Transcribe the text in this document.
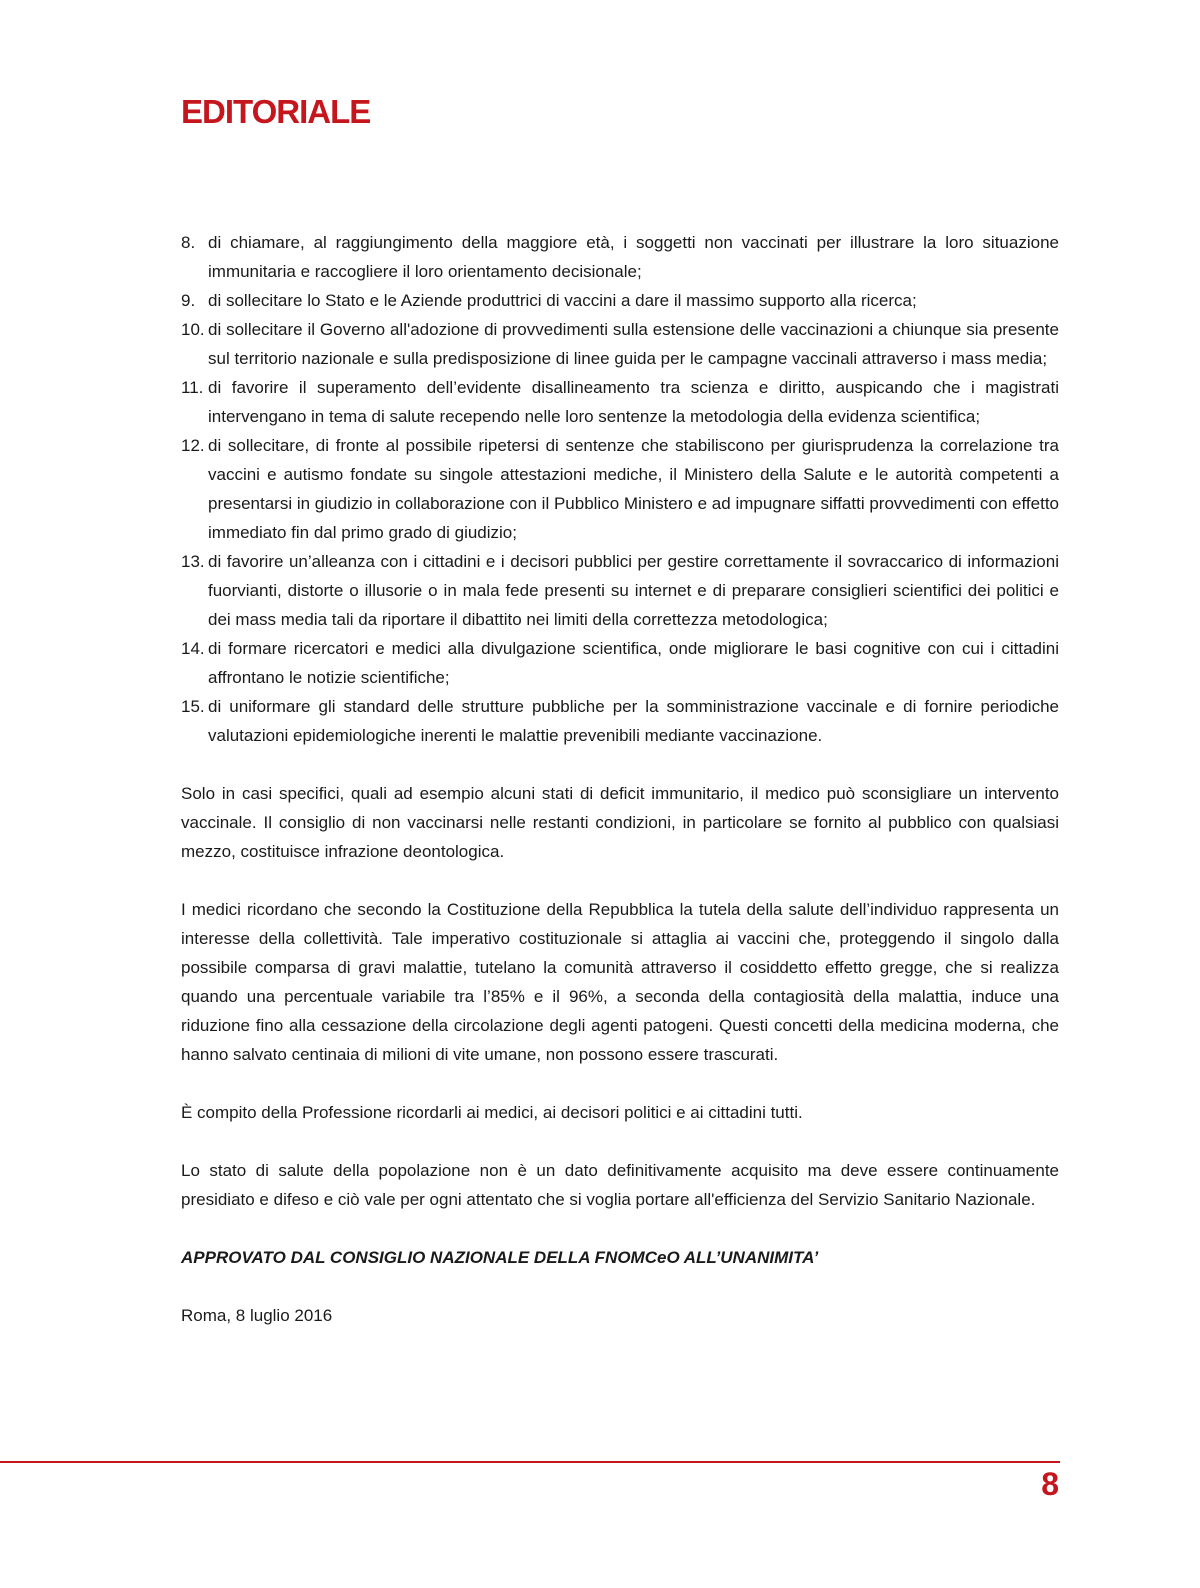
EDITORIALE
8. di chiamare, al raggiungimento della maggiore età, i soggetti non vaccinati per illustrare la loro situazione immunitaria e raccogliere il loro orientamento decisionale;
9. di sollecitare lo Stato e le Aziende produttrici di vaccini a dare il massimo supporto alla ricerca;
10. di sollecitare il Governo all'adozione di provvedimenti sulla estensione delle vaccinazioni a chiunque sia presente sul territorio nazionale e sulla predisposizione di linee guida per le campagne vaccinali attraverso i mass media;
11. di favorire il superamento dell’evidente disallineamento tra scienza e diritto, auspicando che i magistrati intervengano in tema di salute recependo nelle loro sentenze la metodologia della evidenza scientifica;
12. di sollecitare, di fronte al possibile ripetersi di sentenze che stabiliscono per giurisprudenza la correlazione tra vaccini e autismo fondate su singole attestazioni mediche, il Ministero della Salute e le autorità competenti a presentarsi in giudizio in collaborazione con il Pubblico Ministero e ad impugnare siffatti provvedimenti con effetto immediato fin dal primo grado di giudizio;
13. di favorire un’alleanza con i cittadini e i decisori pubblici per gestire correttamente il sovraccarico di informazioni fuorvianti, distorte o illusorie o in mala fede presenti su internet e di preparare consiglieri scientifici dei politici e dei mass media tali da riportare il dibattito nei limiti della correttezza metodologica;
14. di formare ricercatori e medici alla divulgazione scientifica, onde migliorare le basi cognitive con cui i cittadini affrontano le notizie scientifiche;
15. di uniformare gli standard delle strutture pubbliche per la somministrazione vaccinale e di fornire periodiche valutazioni epidemiologiche inerenti le malattie prevenibili mediante vaccinazione.

Solo in casi specifici, quali ad esempio alcuni stati di deficit immunitario, il medico può sconsigliare un intervento vaccinale. Il consiglio di non vaccinarsi nelle restanti condizioni, in particolare se fornito al pubblico con qualsiasi mezzo, costituisce infrazione deontologica.

I medici ricordano che secondo la Costituzione della Repubblica la tutela della salute dell’individuo rappresenta un interesse della collettività. Tale imperativo costituzionale si attaglia ai vaccini che, proteggendo il singolo dalla possibile comparsa di gravi malattie, tutelano la comunità attraverso il cosiddetto effetto gregge, che si realizza quando una percentuale variabile tra l’85% e il 96%, a seconda della contagiosità della malattia, induce una riduzione fino alla cessazione della circolazione degli agenti patogeni. Questi concetti della medicina moderna, che hanno salvato centinaia di milioni di vite umane, non possono essere trascurati.

È compito della Professione ricordarli ai medici, ai decisori politici e ai cittadini tutti.

Lo stato di salute della popolazione non è un dato definitivamente acquisito ma deve essere continuamente presidiato e difeso e ciò vale per ogni attentato che si voglia portare all'efficienza del Servizio Sanitario Nazionale.

APPROVATO DAL CONSIGLIO NAZIONALE DELLA FNOMCeO ALL’UNANIMITA’

Roma, 8 luglio 2016

8
